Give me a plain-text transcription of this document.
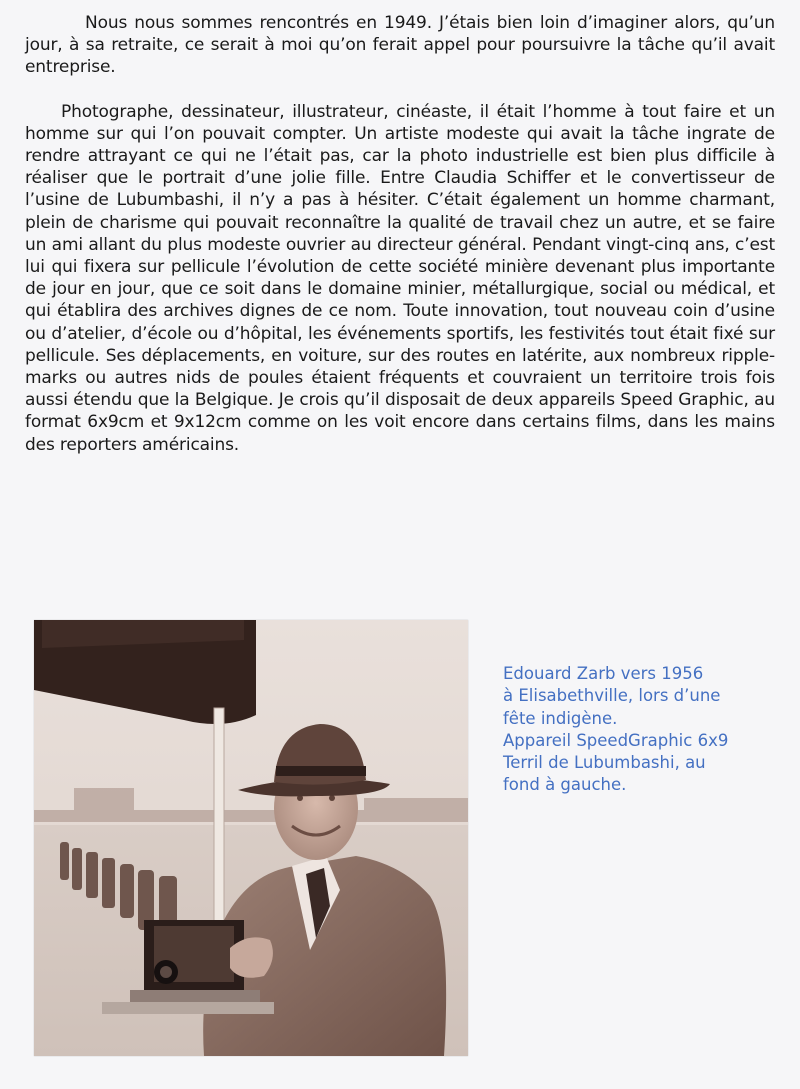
Nous nous sommes rencontrés en 1949. J’étais bien loin d’imaginer alors, qu’un jour, à sa retraite, ce serait à moi qu’on ferait appel pour poursuivre la tâche qu’il avait entreprise.

Photographe, dessinateur, illustrateur, cinéaste, il était l’homme à tout faire et un homme sur qui l’on pouvait compter. Un artiste modeste qui avait la tâche ingrate de rendre attrayant ce qui ne l’était pas, car la photo industrielle est bien plus difficile à réaliser que le portrait d’une jolie fille. Entre Claudia Schiffer et le convertisseur de l’usine de Lubumbashi, il n’y a pas à hésiter. C’était également un homme charmant, plein de charisme qui pouvait reconnaître la qualité de travail chez un autre, et se faire un ami allant du plus modeste ouvrier au directeur général. Pendant vingt-cinq ans, c’est lui qui fixera sur pellicule l’évolution de cette société minière devenant plus importante de jour en jour, que ce soit dans le domaine minier, métallurgique, social ou médical, et qui établira des archives dignes de ce nom. Toute innovation, tout nouveau coin d’usine ou d’atelier, d’école ou d’hôpital, les événements sportifs, les festivités tout était fixé sur pellicule. Ses déplacements, en voiture, sur des routes en latérite, aux nombreux ripple-marks ou autres nids de poules étaient fréquents et couvraient un territoire trois fois aussi étendu que la Belgique. Je crois qu’il disposait de deux appareils Speed Graphic, au format 6x9cm et 9x12cm comme on les voit encore dans certains films, dans les mains des reporters américains.

Edouard Zarb vers 1956
à Elisabethville, lors d’une
fête indigène.
Appareil SpeedGraphic 6x9
Terril de Lubumbashi, au
fond à gauche.
